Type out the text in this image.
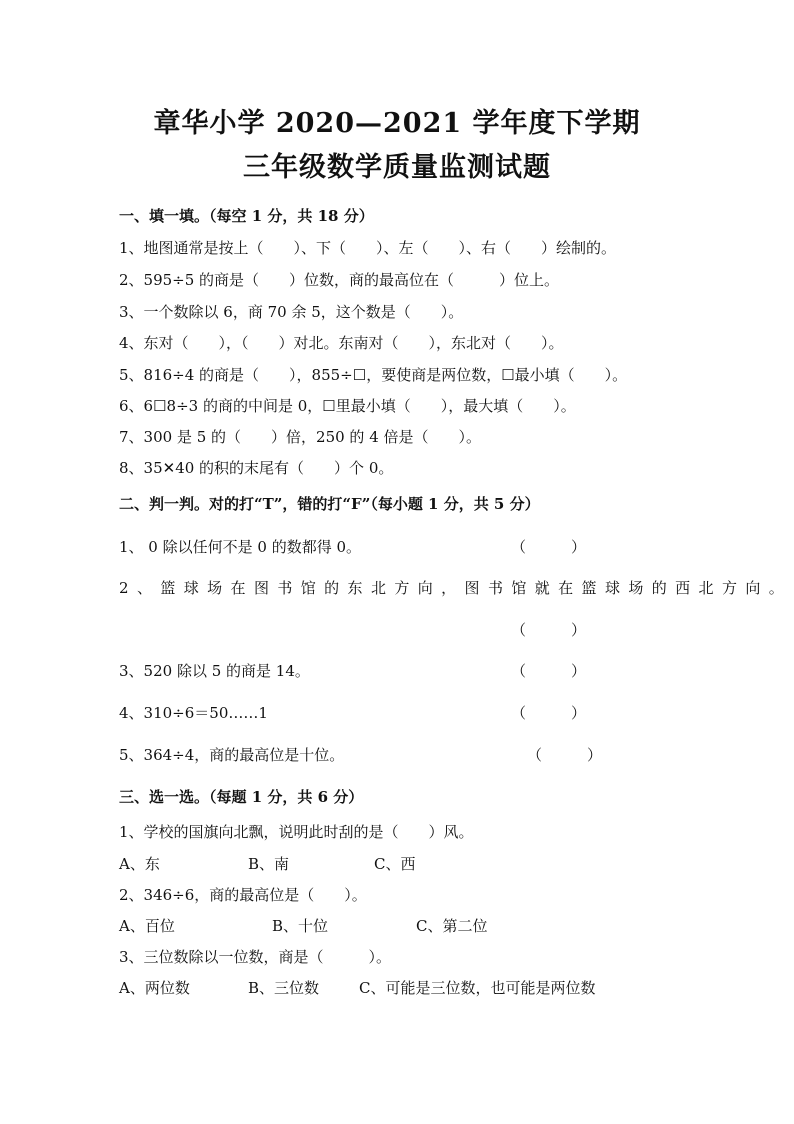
章华小学 2020—2021 学年度下学期
三年级数学质量监测试题
一、填一填。（每空 1 分，共 18 分）
1、地图通常是按上（　　）、下（　　）、左（　　）、右（　　）绘制的。
2、595÷5 的商是（　　）位数，商的最高位在（　　　）位上。
3、一个数除以 6，商 70 余 5，这个数是（　　）。
4、东对（　　），（　　）对北。东南对（　　），东北对（　　）。
5、816÷4 的商是（　　），855÷☐，要使商是两位数，☐最小填（　　）。
6、6☐8÷3 的商的中间是 0，☐里最小填（　　），最大填（　　）。
7、300 是 5 的（　　）倍，250 的 4 倍是（　　）。
8、35✕40 的积的末尾有（　　）个 0。
二、判一判。对的打“T”，错的打“F”（每小题 1 分，共 5 分）
1、 0 除以任何不是 0 的数都得 0。	（　　　）
2、篮球场在图书馆的东北方向，图书馆就在篮球场的西北方向。
（　　　）
3、520 除以 5 的商是 14。	（　　　）
4、310÷6＝50……1	（　　　）
5、364÷4，商的最高位是十位。	（　　　）
三、选一选。（每题 1 分，共 6 分）
1、学校的国旗向北飘，说明此时刮的是（　　）风。
A、东	B、南	C、西
2、346÷6，商的最高位是（　　）。
A、百位	B、十位	C、第二位
3、三位数除以一位数，商是（　　　）。
A、两位数	B、三位数	C、可能是三位数，也可能是两位数
